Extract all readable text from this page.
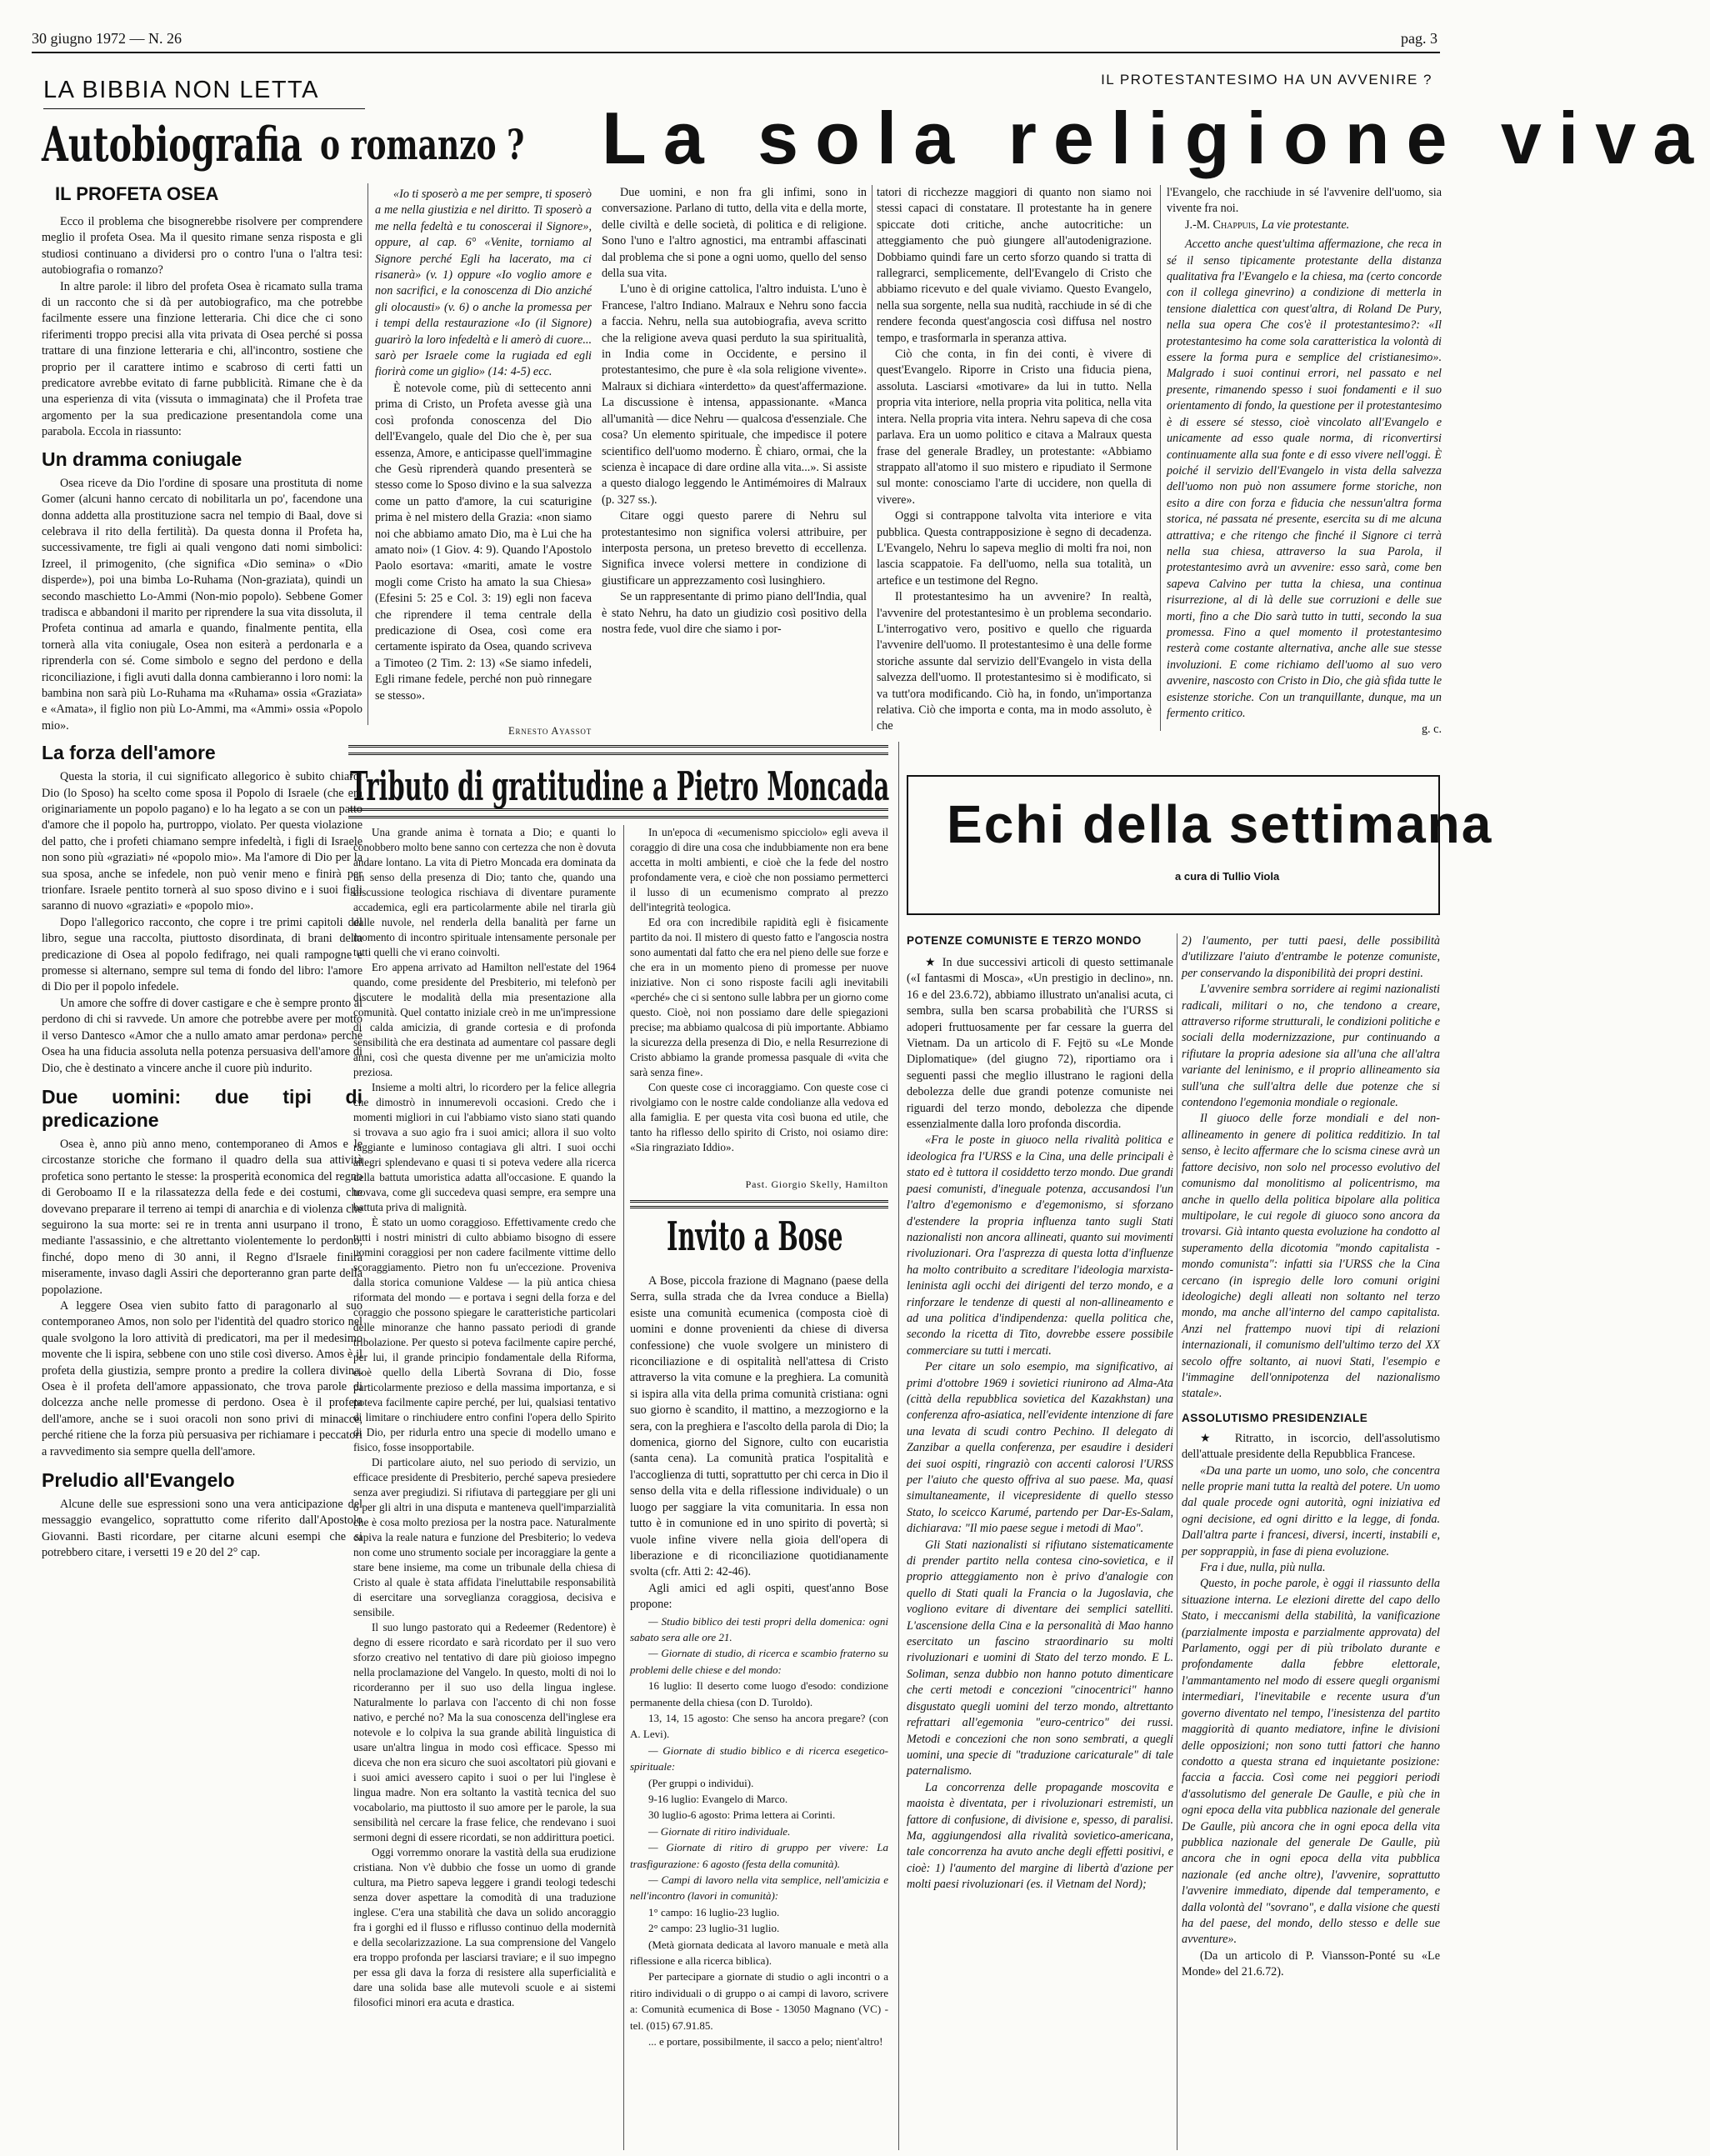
30 giugno 1972 — N. 26	pag. 3
LA BIBBIA NON LETTA	IL PROTESTANTESIMO HA UN AVVENIRE ?
Autobiografia o romanzo ?
IL PROFETA OSEA

Ecco il problema che bisognerebbe risolvere per comprendere meglio il profeta Osea. Ma il quesito rimane senza risposta e gli studiosi continuano a dividersi pro o contro l'una o l'altra tesi: autobiografia o romanzo?

In altre parole: il libro del profeta Osea è ricamato sulla trama di un racconto che si dà per autobiografico, ma che potrebbe facilmente essere una finzione letteraria. Chi dice che ci sono riferimenti troppo precisi alla vita privata di Osea perché si possa trattare di una finzione letteraria e chi, all'incontro, sostiene che proprio per il carattere intimo e scabroso di certi fatti un predicatore avrebbe evitato di farne pubblicità. Rimane che è da una esperienza di vita (vissuta o immaginata) che il Profeta trae argomento per la sua predicazione presentandola come una parabola. Eccola in riassunto:

Un dramma coniugale

Osea riceve da Dio l'ordine di sposare una prostituta di nome Gomer (alcuni hanno cercato di nobilitarla un po', facendone una donna addetta alla prostituzione sacra nel tempio di Baal, dove si celebrava il rito della fertilità). Da questa donna il Profeta ha, successivamente, tre figli ai quali vengono dati nomi simbolici: Izreel, il primogenito, (che significa «Dio semina» o «Dio disperde»), poi una bimba Lo-Ruhama (Non-graziata), quindi un secondo maschietto Lo-Ammi (Non-mio popolo). Sebbene Gomer tradisca e abbandoni il marito per riprendere la sua vita dissoluta, il Profeta continua ad amarla e quando, finalmente pentita, ella tornerà alla vita coniugale, Osea non esiterà a perdonarla e a riprenderla con sé. Come simbolo e segno del perdono e della riconciliazione, i figli avuti dalla donna cambieranno i loro nomi: la bambina non sarà più Lo-Ruhama ma «Ruhama» ossia «Graziata» e «Amata», il figlio non più Lo-Ammi, ma «Ammi» ossia «Popolo mio».

La forza dell'amore

Questa la storia, il cui significato allegorico è subito chiaro: Dio (lo Sposo) ha scelto come sposa il Popolo di Israele (che era originariamente un popolo pagano) e lo ha legato a se con un patto d'amore che il popolo ha, purtroppo, violato. Per questa violazione del patto, che i profeti chiamano sempre infedeltà, i figli di Israele non sono più «graziati» né «popolo mio». Ma l'amore di Dio per la sua sposa, anche se infedele, non può venir meno e finirà per trionfare. Israele pentito tornerà al suo sposo divino e i suoi figli saranno di nuovo «graziati» e «popolo mio».

Dopo l'allegorico racconto, che copre i tre primi capitoli del libro, segue una raccolta, piuttosto disordinata, di brani della predicazione di Osea al popolo fedifrago, nei quali rampogne e promesse si alternano, sempre sul tema di fondo del libro: l'amore di Dio per il popolo infedele.

Un amore che soffre di dover castigare e che è sempre pronto al perdono di chi si ravvede. Un amore che potrebbe avere per motto il verso Dantesco «Amor che a nullo amato amar perdona» perché Osea ha una fiducia assoluta nella potenza persuasiva dell'amore di Dio, che è destinato a vincere anche il cuore più indurito.

Due uomini: due tipi di predicazione

Osea è, anno più anno meno, contemporaneo di Amos e le circostanze storiche che formano il quadro della sua attività profetica sono pertanto le stesse: la prosperità economica del regno di Geroboamo II e la rilassatezza della fede e dei costumi, che dovevano preparare il terreno ai tempi di anarchia e di violenza che seguirono la sua morte: sei re in trenta anni usurpano il trono, mediante l'assassinio, e che altrettanto violentemente lo perdono, finché, dopo meno di 30 anni, il Regno d'Israele finirà miseramente, invaso dagli Assiri che deporteranno gran parte della popolazione.

A leggere Osea vien subito fatto di paragonarlo al suo contemporaneo Amos, non solo per l'identità del quadro storico nel quale svolgono la loro attività di predicatori, ma per il medesimo movente che li ispira, sebbene con uno stile così diverso. Amos è il profeta della giustizia, sempre pronto a predire la collera divina. Osea è il profeta dell'amore appassionato, che trova parole di dolcezza anche nelle promesse di perdono. Osea è il profeta dell'amore, anche se i suoi oracoli non sono privi di minacce, perché ritiene che la forza più persuasiva per richiamare i peccatori a ravvedimento sia sempre quella dell'amore.

Preludio all'Evangelo

Alcune delle sue espressioni sono una vera anticipazione del messaggio evangelico, soprattutto come riferito dall'Apostolo Giovanni. Basti ricordare, per citarne alcuni esempi che si potrebbero citare, i versetti 19 e 20 del 2° cap.

«Io ti sposerò a me per sempre, ti sposerò a me nella giustizia e nel diritto. Ti sposerò a me nella fedeltà e tu conoscerai il Signore», oppure, al cap. 6° «Venite, torniamo al Signore perché Egli ha lacerato, ma ci risanerà» (v. 1) oppure «Io voglio amore e non sacrifici, e la conoscenza di Dio anziché gli olocausti» (v. 6) o anche la promessa per i tempi della restaurazione «Io (il Signore) guarirò la loro infedeltà e li amerò di cuore... sarò per Israele come la rugiada ed egli fiorirà come un giglio» (14: 4-5) ecc.

È notevole come, più di settecento anni prima di Cristo, un Profeta avesse già una così profonda conoscenza del Dio dell'Evangelo, quale del Dio che è, per sua essenza, Amore, e anticipasse quell'immagine che Gesù riprenderà quando presenterà se stesso come lo Sposo divino e la sua salvezza come un patto d'amore, la cui scaturigine prima è nel mistero della Grazia: «non siamo noi che abbiamo amato Dio, ma è Lui che ha amato noi» (1 Giov. 4: 9). Quando l'Apostolo Paolo esortava: «mariti, amate le vostre mogli come Cristo ha amato la sua Chiesa» (Efesini 5: 25 e Col. 3: 19) egli non faceva che riprendere il tema centrale della predicazione di Osea, così come era certamente ispirato da Osea, quando scriveva a Timoteo (2 Tim. 2: 13) «Se siamo infedeli, Egli rimane fedele, perché non può rinnegare se stesso».

Ernesto Ayassot
La sola religione viva

Due uomini, e non fra gli infimi, sono in conversazione. Parlano di tutto, della vita e della morte, delle civiltà e delle società, di politica e di religione. Sono l'uno e l'altro agnostici, ma entrambi affascinati dal problema che si pone a ogni uomo, quello del senso della sua vita.

L'uno è di origine cattolica, l'altro induista. L'uno è Francese, l'altro Indiano. Malraux e Nehru sono faccia a faccia. Nehru, nella sua autobiografia, aveva scritto che la religione aveva quasi perduto la sua spiritualità, in India come in Occidente, e persino il protestantesimo, che pure è «la sola religione vivente». Malraux si dichiara «interdetto» da quest'affermazione. La discussione è intensa, appassionante. «Manca all'umanità — dice Nehru — qualcosa d'essenziale. Che cosa? Un elemento spirituale, che impedisce il potere scientifico dell'uomo moderno. È chiaro, ormai, che la scienza è incapace di dare ordine alla vita...». Si assiste a questo dialogo leggendo le Antimémoires di Malraux (p. 327 ss.).

Citare oggi questo parere di Nehru sul protestantesimo non significa volersi attribuire, per interposta persona, un preteso brevetto di eccellenza. Significa invece volersi mettere in condizione di giustificare un apprezzamento così lusinghiero.

Se un rappresentante di primo piano dell'India, qual è stato Nehru, ha dato un giudizio così positivo della nostra fede, vuol dire che siamo i por-

tatori di ricchezze maggiori di quanto non siamo noi stessi capaci di constatare. Il protestante ha in genere spiccate doti critiche, anche autocritiche: un atteggiamento che può giungere all'autodenigrazione. Dobbiamo quindi fare un certo sforzo quando si tratta di rallegrarci, semplicemente, dell'Evangelo di Cristo che abbiamo ricevuto e del quale viviamo. Questo Evangelo, nella sua sorgente, nella sua nudità, racchiude in sé di che rendere feconda quest'angoscia così diffusa nel nostro tempo, e trasformarla in speranza attiva.

Ciò che conta, in fin dei conti, è vivere di quest'Evangelo. Riporre in Cristo una fiducia piena, assoluta. Lasciarsi «motivare» da lui in tutto. Nella propria vita interiore, nella propria vita politica, nella vita intera. Nella propria vita intera. Nehru sapeva di che cosa parlava. Era un uomo politico e citava a Malraux questa frase del generale Bradley, un protestante: «Abbiamo strappato all'atomo il suo mistero e ripudiato il Sermone sul monte: conosciamo l'arte di uccidere, non quella di vivere».

Oggi si contrappone talvolta vita interiore e vita pubblica. Questa contrapposizione è segno di decadenza. L'Evangelo, Nehru lo sapeva meglio di molti fra noi, non lascia scappatoie. Fa dell'uomo, nella sua totalità, un artefice e un testimone del Regno.

Il protestantesimo ha un avvenire? In realtà, l'avvenire del protestantesimo è un problema secondario. L'interrogativo vero, positivo e quello che riguarda l'avvenire dell'uomo. Il protestantesimo è una delle forme storiche assunte dal servizio dell'Evangelo in vista della salvezza dell'uomo. Il protestantesimo si è modificato, si va tutt'ora modificando. Ciò ha, in fondo, un'importanza relativa. Ciò che importa e conta, ma in modo assoluto, è che

l'Evangelo, che racchiude in sé l'avvenire dell'uomo, sia vivente fra noi.

J.-M. Chappuis, La vie protestante.

Accetto anche quest'ultima affermazione, che reca in sé il senso tipicamente protestante della distanza qualitativa fra l'Evangelo e la chiesa, ma (certo concorde con il collega ginevrino) a condizione di metterla in tensione dialettica con quest'altra, di Roland De Pury, nella sua opera Che cos'è il protestantesimo?: «Il protestantesimo ha come sola caratteristica la volontà di essere la forma pura e semplice del cristianesimo». Malgrado i suoi continui errori, nel passato e nel presente, rimanendo spesso i suoi fondamenti e il suo orientamento di fondo, la questione per il protestantesimo è di essere sé stesso, cioè vincolato all'Evangelo e unicamente ad esso quale norma, di riconvertirsi continuamente alla sua fonte e di esso vivere nell'oggi. È poiché il servizio dell'Evangelo in vista della salvezza dell'uomo non può non assumere forme storiche, non esito a dire con forza e fiducia che nessun'altra forma storica, né passata né presente, esercita su di me alcuna attrattiva; e che ritengo che finché il Signore ci terrà nella sua chiesa, attraverso la sua Parola, il protestantesimo avrà un avvenire: esso sarà, come ben sapeva Calvino per tutta la chiesa, una continua risurrezione, al di là delle sue corruzioni e delle sue morti, fino a che Dio sarà tutto in tutti, secondo la sua promessa. Fino a quel momento il protestantesimo resterà come costante alternativa, anche alle sue stesse involuzioni. E come richiamo dell'uomo al suo vero avvenire, nascosto con Cristo in Dio, che già sfida tutte le esistenze storiche. Con un tranquillante, dunque, ma un fermento critico.

g. c.
Tributo di gratitudine a Pietro Moncada

Una grande anima è tornata a Dio; e quanti lo conobbero molto bene sanno con certezza che non è dovuta andare lontano. La vita di Pietro Moncada era dominata da un senso della presenza di Dio; tanto che, quando una discussione teologica rischiava di diventare puramente accademica, egli era particolarmente abile nel tirarla giù dalle nuvole, nel renderla della banalità per farne un momento di incontro spirituale intensamente personale per tutti quelli che vi erano coinvolti.

Ero appena arrivato ad Hamilton nell'estate del 1964 quando, come presidente del Presbiterio, mi telefonò per discutere le modalità della mia presentazione alla comunità. Quel contatto iniziale creò in me un'impressione di calda amicizia, di grande cortesia e di profonda sensibilità che era destinata ad aumentare col passare degli anni, così che questa divenne per me un'amicizia molto preziosa.

Insieme a molti altri, lo ricordero per la felice allegria che dimostrò in innumerevoli occasioni. Credo che i momenti migliori in cui l'abbiamo visto siano stati quando si trovava a suo agio fra i suoi amici; allora il suo volto raggiante e luminoso contagiava gli altri. I suoi occhi allegri splendevano e quasi ti si poteva vedere alla ricerca della battuta umoristica adatta all'occasione. E quando la trovava, come gli succedeva quasi sempre, era sempre una battuta priva di malignità.

È stato un uomo coraggioso. Effettivamente credo che tutti i nostri ministri di culto abbiamo bisogno di essere uomini coraggiosi per non cadere facilmente vittime dello scoraggiamento. Pietro non fu un'eccezione. Proveniva dalla storica comunione Valdese — la più antica chiesa riformata del mondo — e portava i segni della forza e del coraggio che possono spiegare le caratteristiche particolari delle minoranze che hanno passato periodi di grande tribolazione. Per questo si poteva facilmente capire perché, per lui, il grande principio fondamentale della Riforma, cioè quello della Libertà Sovrana di Dio, fosse particolarmente prezioso e della massima importanza, e si poteva facilmente capire perché, per lui, qualsiasi tentativo di limitare o rinchiudere entro confini l'opera dello Spirito di Dio, per ridurla entro una specie di modello umano e fisico, fosse insopportabile.

Di particolare aiuto, nel suo periodo di servizio, un efficace presidente di Presbiterio, perché sapeva presiedere senza aver pregiudizi. Si rifiutava di parteggiare per gli uni o per gli altri in una disputa e manteneva quell'imparzialità che è cosa molto preziosa per la nostra pace. Naturalmente capiva la reale natura e funzione del Presbiterio; lo vedeva non come uno strumento sociale per incoraggiare la gente a stare bene insieme, ma come un tribunale della chiesa di Cristo al quale è stata affidata l'ineluttabile responsabilità di esercitare una sorveglianza coraggiosa, decisiva e sensibile.

Il suo lungo pastorato qui a Redeemer (Redentore) è degno di essere ricordato e sarà ricordato per il suo vero sforzo creativo nel tentativo di dare più gioioso impegno nella proclamazione del Vangelo. In questo, molti di noi lo ricorderanno per il suo uso della lingua inglese. Naturalmente lo parlava con l'accento di chi non fosse nativo, e perché no? Ma la sua conoscenza dell'inglese era notevole e lo colpiva la sua grande abilità linguistica di usare un'altra lingua in modo così efficace. Spesso mi diceva che non era sicuro che suoi ascoltatori più giovani e i suoi amici avessero capito i suoi o per lui l'inglese è lingua madre. Non era soltanto la vastità tecnica del suo vocabolario, ma piuttosto il suo amore per le parole, la sua sensibilità nel cercare la frase felice, che rendevano i suoi sermoni degni di essere ricordati, se non addirittura poetici.

Oggi vorremmo onorare la vastità della sua erudizione cristiana. Non v'è dubbio che fosse un uomo di grande cultura, ma Pietro sapeva leggere i grandi teologi tedeschi senza dover aspettare la comodità di una traduzione inglese. C'era una stabilità che dava un solido ancoraggio fra i gorghi ed il flusso e riflusso continuo della modernità e della secolarizzazione. La sua comprensione del Vangelo era troppo profonda per lasciarsi traviare; e il suo impegno per essa gli dava la forza di resistere alla superficialità e dare una solida base alle mutevoli scuole e ai sistemi filosofici minori era acuta e drastica.

In un'epoca di «ecumenismo spicciolo» egli aveva il coraggio di dire una cosa che indubbiamente non era bene accetta in molti ambienti, e cioè che la fede del nostro profondamente vera, e cioè che non possiamo permetterci il lusso di un ecumenismo comprato al prezzo dell'integrità teologica.

Ed ora con incredibile rapidità egli è fisicamente partito da noi. Il mistero di questo fatto e l'angoscia nostra sono aumentati dal fatto che era nel pieno delle sue forze e che era in un momento pieno di promesse per nuove iniziative. Non ci sono risposte facili agli inevitabili «perché» che ci si sentono sulle labbra per un giorno come questo. Cioè, noi non possiamo dare delle spiegazioni precise; ma abbiamo qualcosa di più importante. Abbiamo la sicurezza della presenza di Dio, e nella Resurrezione di Cristo abbiamo la grande promessa pasquale di «vita che sarà senza fine».

Con queste cose ci incoraggiamo. Con queste cose ci rivolgiamo con le nostre calde condolianze alla vedova ed alla famiglia. E per questa vita così buona ed utile, che tanto ha riflesso dello spirito di Cristo, noi osiamo dire: «Sia ringraziato Iddio».

Past. Giorgio Skelly, Hamilton
Invito a Bose

A Bose, piccola frazione di Magnano (paese della Serra, sulla strada che da Ivrea conduce a Biella) esiste una comunità ecumenica (composta cioè di uomini e donne provenienti da chiese di diversa confessione) che vuole svolgere un ministero di riconciliazione e di ospitalità nell'attesa di Cristo attraverso la vita comune e la preghiera. La comunità si ispira alla vita della prima comunità cristiana: ogni suo giorno è scandito, il mattino, a mezzogiorno e la sera, con la preghiera e l'ascolto della parola di Dio; la domenica, giorno del Signore, culto con eucaristia (santa cena). La comunità pratica l'ospitalità e l'accoglienza di tutti, soprattutto per chi cerca in Dio il senso della vita e della riflessione individuale) o un luogo per saggiare la vita comunitaria. In essa non tutto è in comunione ed in uno spirito di povertà; si vuole infine vivere nella gioia dell'opera di liberazione e di riconciliazione quotidianamente svolta (cfr. Atti 2: 42-46).

Agli amici ed agli ospiti, quest'anno Bose propone:

— Studio biblico dei testi propri della domenica: ogni sabato sera alle ore 21.

— Giornate di studio, di ricerca e scambio fraterno su problemi delle chiese e del mondo:

16 luglio: Il deserto come luogo d'esodo: condizione permanente della chiesa (con D. Turoldo).

13, 14, 15 agosto: Che senso ha ancora pregare? (con A. Levi).

— Giornate di studio biblico e di ricerca esegetico-spirituale:

(Per gruppi o individui).

9-16 luglio: Evangelo di Marco.

30 luglio-6 agosto: Prima lettera ai Corinti.

— Giornate di ritiro individuale.

— Giornate di ritiro di gruppo per vivere: La trasfigurazione: 6 agosto (festa della comunità).

— Campi di lavoro nella vita semplice, nell'amicizia e nell'incontro (lavori in comunità):

1° campo: 16 luglio-23 luglio.

2° campo: 23 luglio-31 luglio.

(Metà giornata dedicata al lavoro manuale e metà alla riflessione e alla ricerca biblica).

Per partecipare a giornate di studio o agli incontri o a ritiro individuali o di gruppo o ai campi di lavoro, scrivere a: Comunità ecumenica di Bose - 13050 Magnano (VC) - tel. (015) 67.91.85.

... e portare, possibilmente, il sacco a pelo; nient'altro!

Echi della settimana
a cura di Tullio Viola
POTENZE COMUNISTE E TERZO MONDO

★ In due successivi articoli di questo settimanale («I fantasmi di Mosca», «Un prestigio in declino», nn. 16 e del 23.6.72), abbiamo illustrato un'analisi acuta, ci sembra, sulla ben scarsa probabilità che l'URSS si adoperi fruttuosamente per far cessare la guerra del Vietnam. Da un articolo di F. Fejtö su «Le Monde Diplomatique» (del giugno 72), riportiamo ora i seguenti passi che meglio illustrano le ragioni della debolezza delle due grandi potenze comuniste nei riguardi del terzo mondo, debolezza che dipende essenzialmente dalla loro profonda discordia.

«Fra le poste in giuoco nella rivalità politica e ideologica fra l'URSS e la Cina, una delle principali è stato ed è tuttora il cosiddetto terzo mondo. Due grandi paesi comunisti, d'ineguale potenza, accusandosi l'un l'altro d'egemonismo e d'egemonismo, si sforzano d'estendere la propria influenza tanto sugli Stati nazionalisti non ancora allineati, quanto sui movimenti rivoluzionari. Ora l'asprezza di questa lotta d'influenze ha molto contribuito a screditare l'ideologia marxista-leninista agli occhi dei dirigenti del terzo mondo, e a rinforzare le tendenze di questi al non-allineamento e ad una politica d'indipendenza: quella politica che, secondo la ricetta di Tito, dovrebbe essere possibile commerciare su tutti i mercati.

Per citare un solo esempio, ma significativo, ai primi d'ottobre 1969 i sovietici riunirono ad Alma-Ata (città della repubblica sovietica del Kazakhstan) una conferenza afro-asiatica, nell'evidente intenzione di fare una levata di scudi contro Pechino. Il delegato di Zanzibar a quella conferenza, per esaudire i desideri dei suoi ospiti, ringraziò con accenti calorosi l'URSS per l'aiuto che questo offriva al suo paese. Ma, quasi simultaneamente, il vicepresidente di quello stesso Stato, lo sceicco Karumé, partendo per Dar-Es-Salam, dichiarava: "Il mio paese segue i metodi di Mao".

Gli Stati nazionalisti si rifiutano sistematicamente di prender partito nella contesa cino-sovietica, e il proprio atteggiamento non è privo d'analogie con quello di Stati quali la Francia o la Jugoslavia, che vogliono evitare di diventare dei semplici satelliti. L'ascensione della Cina e la personalità di Mao hanno esercitato un fascino straordinario su molti rivoluzionari e uomini di Stato del terzo mondo. E L. Soliman, senza dubbio non hanno potuto dimenticare che certi metodi e concezioni "cinocentrici" hanno disgustato quegli uomini del terzo mondo, altrettanto refrattari all'egemonia "euro-centrico" dei russi. Metodi e concezioni che non sono sembrati, a quegli uomini, una specie di "traduzione caricaturale" di tale paternalismo.

La concorrenza delle propagande moscovita e maoista è diventata, per i rivoluzionari estremisti, un fattore di confusione, di divisione e, spesso, di paralisi. Ma, aggiungendosi alla rivalità sovietico-americana, tale concorrenza ha avuto anche degli effetti positivi, e cioè: 1) l'aumento del margine di libertà d'azione per molti paesi rivoluzionari (es. il Vietnam del Nord);

2) l'aumento, per tutti paesi, delle possibilità d'utilizzare l'aiuto d'entrambe le potenze comuniste, per conservando la disponibilità dei propri destini.

L'avvenire sembra sorridere ai regimi nazionalisti radicali, militari o no, che tendono a creare, attraverso riforme strutturali, le condizioni politiche e sociali della modernizzazione, pur continuando a rifiutare la propria adesione sia all'una che all'altra variante del leninismo, e il proprio allineamento sia sull'una che sull'altra delle due potenze che si contendono l'egemonia mondiale o regionale.

Il giuoco delle forze mondiali e del non-allineamento in genere di politica redditizio. In tal senso, è lecito affermare che lo scisma cinese avrà un fattore decisivo, non solo nel processo evolutivo del comunismo dal monolitismo al policentrismo, ma anche in quello della politica bipolare alla politica multipolare, le cui regole di giuoco sono ancora da trovarsi. Già intanto questa evoluzione ha condotto al superamento della dicotomia "mondo capitalista - mondo comunista": infatti sia l'URSS che la Cina cercano (in ispregio delle loro comuni origini ideologiche) degli alleati non soltanto nel terzo mondo, ma anche all'interno del campo capitalista. Anzi nel frattempo nuovi tipi di relazioni internazionali, il comunismo dell'ultimo terzo del XX secolo offre soltanto, ai nuovi Stati, l'esempio e l'immagine dell'onnipotenza del nazionalismo statale».

ASSOLUTISMO PRESIDENZIALE

★ Ritratto, in iscorcio, dell'assolutismo dell'attuale presidente della Repubblica Francese.

«Da una parte un uomo, uno solo, che concentra nelle proprie mani tutta la realtà del potere. Un uomo dal quale procede ogni autorità, ogni iniziativa ed ogni decisione, ed ogni diritto e la legge, di fonda. Dall'altra parte i francesi, diversi, incerti, instabili e, per sopprappiù, in fase di piena evoluzione.

Fra i due, nulla, più nulla.

Questo, in poche parole, è oggi il riassunto della situazione interna. Le elezioni dirette del capo dello Stato, i meccanismi della stabilità, la vanificazione (parzialmente imposta e parzialmente approvata) del Parlamento, oggi per di più tribolato durante e profondamente dalla febbre elettorale, l'ammantamento nel modo di essere quegli organismi intermediari, l'inevitabile e recente usura d'un governo diventato nel tempo, l'inesistenza del partito maggiorità di quanto mediatore, infine le divisioni delle opposizioni; non sono tutti fattori che hanno condotto a questa strana ed inquietante posizione: faccia a faccia. Così come nei peggiori periodi d'assolutismo del generale De Gaulle, e più che in ogni epoca della vita pubblica nazionale del generale De Gaulle, più ancora che in ogni epoca della vita pubblica nazionale del generale De Gaulle, più ancora che in ogni epoca della vita pubblica nazionale (ed anche oltre), l'avvenire, soprattutto l'avvenire immediato, dipende dal temperamento, e dalla volontà del "sovrano", e dalla visione che questi ha del paese, del mondo, dello stesso e delle sue avventure».

(Da un articolo di P. Viansson-Ponté su «Le Monde» del 21.6.72).
